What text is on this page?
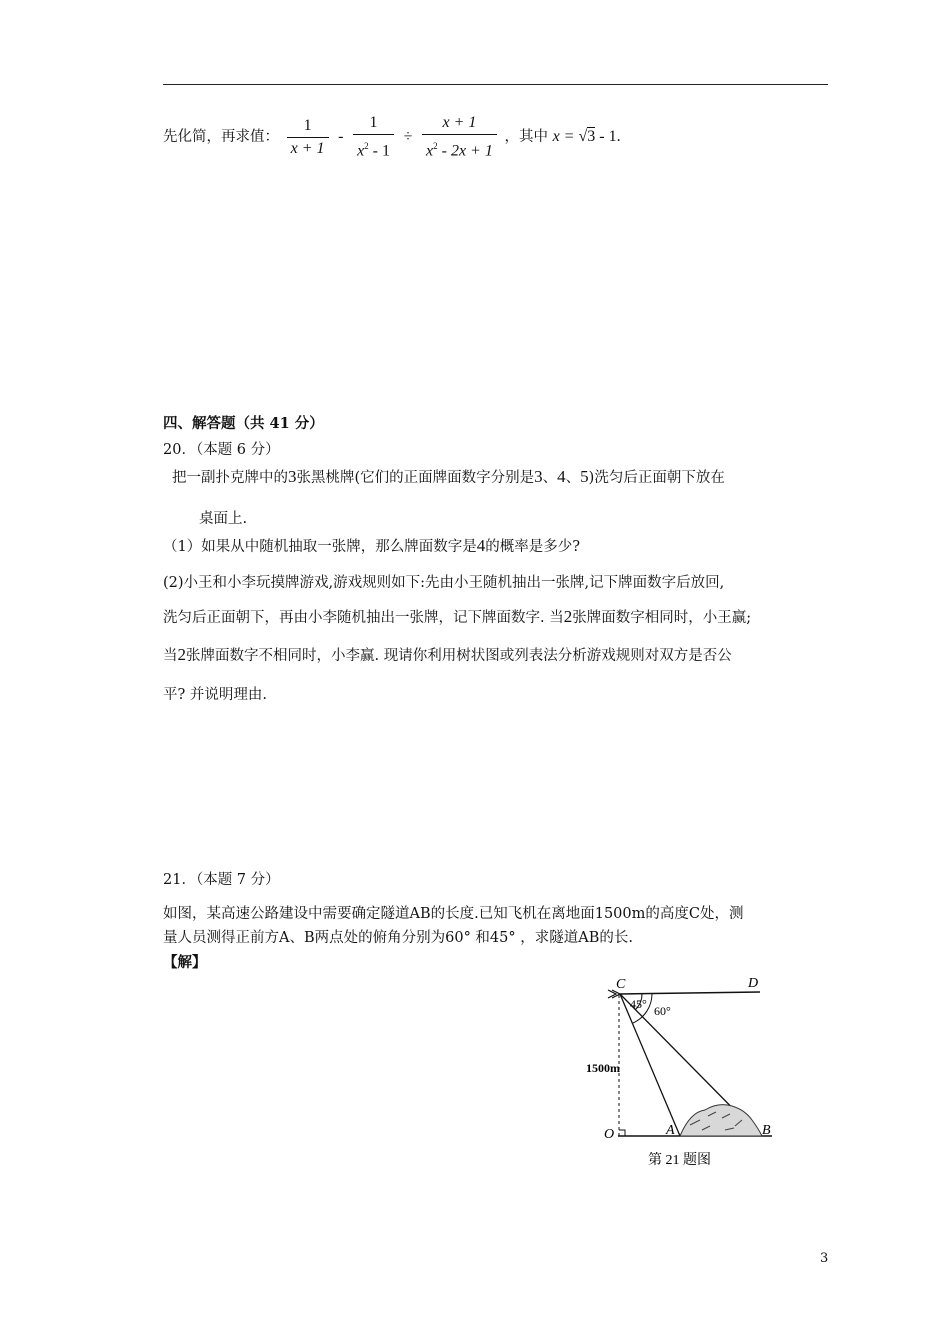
先化简，再求值： $\frac{1}{x + 1} - \frac{1}{x^2 - 1} \div \frac{x + 1}{x^2 - 2x + 1}$ ，其中 x = √3 - 1.
四、解答题（共 41 分）
20．（本题 6 分）
把一副扑克牌中的3张黑桃牌(它们的正面牌面数字分别是3、4、5)洗匀后正面朝下放在
桌面上.
（1）如果从中随机抽取一张牌，那么牌面数字是4的概率是多少?
(2)小王和小李玩摸牌游戏,游戏规则如下:先由小王随机抽出一张牌,记下牌面数字后放回,
洗匀后正面朝下，再由小李随机抽出一张牌，记下牌面数字. 当2张牌面数字相同时，小王赢;
当2张牌面数字不相同时，小李赢. 现请你利用树状图或列表法分析游戏规则对双方是否公
平? 并说明理由.
21．（本题 7 分）
如图，某高速公路建设中需要确定隧道AB的长度.已知飞机在离地面1500m的高度C处，测
量人员测得正前方A、B两点处的俯角分别为60° 和45° ，求隧道AB的长.
【解】
C	D
45° 60°
1500m
O	A	B
第 21 题图
3
